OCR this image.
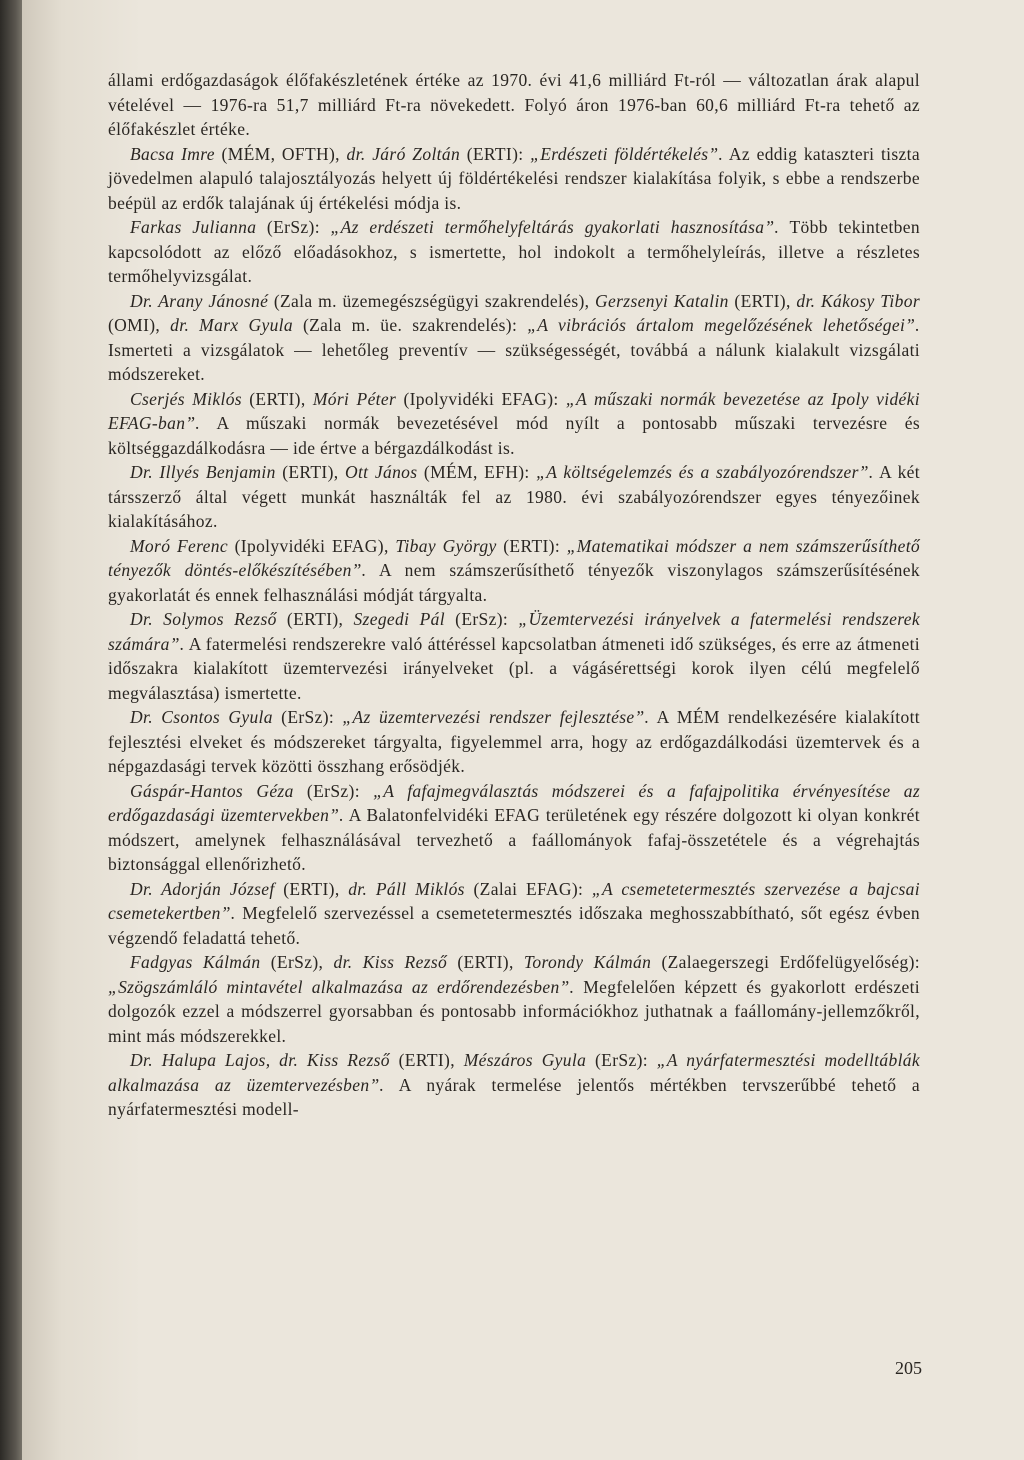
állami erdőgazdaságok élőfakészletének értéke az 1970. évi 41,6 milliárd Ft-ról — változatlan árak alapul vételével — 1976-ra 51,7 milliárd Ft-ra növekedett. Folyó áron 1976-ban 60,6 milliárd Ft-ra tehető az élőfakészlet értéke.

Bacsa Imre (MÉM, OFTH), dr. Járó Zoltán (ERTI): „Erdészeti földértékelés”. Az eddig kataszteri tiszta jövedelmen alapuló talajosztályozás helyett új földértékelési rendszer kialakítása folyik, s ebbe a rendszerbe beépül az erdők talajának új értékelési módja is.

Farkas Julianna (ErSz): „Az erdészeti termőhelyfeltárás gyakorlati hasznosítása”. Több tekintetben kapcsolódott az előző előadásokhoz, s ismertette, hol indokolt a termőhelyleírás, illetve a részletes termőhelyvizsgálat.

Dr. Arany Jánosné (Zala m. üzemegészségügyi szakrendelés), Gerzsenyi Katalin (ERTI), dr. Kákosy Tibor (OMI), dr. Marx Gyula (Zala m. üe. szakrendelés): „A vibrációs ártalom megelőzésének lehetőségei”. Ismerteti a vizsgálatok — lehetőleg preventív — szükségességét, továbbá a nálunk kialakult vizsgálati módszereket.

Cserjés Miklós (ERTI), Móri Péter (Ipolyvidéki EFAG): „A műszaki normák bevezetése az Ipoly vidéki EFAG-ban”. A műszaki normák bevezetésével mód nyílt a pontosabb műszaki tervezésre és költséggazdálkodásra — ide értve a bérgazdálkodást is.

Dr. Illyés Benjamin (ERTI), Ott János (MÉM, EFH): „A költségelemzés és a szabályozórendszer”. A két társszerző által végett munkát használták fel az 1980. évi szabályozórendszer egyes tényezőinek kialakításához.

Moró Ferenc (Ipolyvidéki EFAG), Tibay György (ERTI): „Matematikai módszer a nem számszerűsíthető tényezők döntés-előkészítésében”. A nem számszerűsíthető tényezők viszonylagos számszerűsítésének gyakorlatát és ennek felhasználási módját tárgyalta.

Dr. Solymos Rezső (ERTI), Szegedi Pál (ErSz): „Üzemtervezési irányelvek a fatermelési rendszerek számára”. A fatermelési rendszerekre való áttéréssel kapcsolatban átmeneti idő szükséges, és erre az átmeneti időszakra kialakított üzemtervezési irányelveket (pl. a vágásérettségi korok ilyen célú megfelelő megválasztása) ismertette.

Dr. Csontos Gyula (ErSz): „Az üzemtervezési rendszer fejlesztése”. A MÉM rendelkezésére kialakított fejlesztési elveket és módszereket tárgyalta, figyelemmel arra, hogy az erdőgazdálkodási üzemtervek és a népgazdasági tervek közötti összhang erősödjék.

Gáspár-Hantos Géza (ErSz): „A fafajmegválasztás módszerei és a fafajpolitika érvényesítése az erdőgazdasági üzemtervekben”. A Balatonfelvidéki EFAG területének egy részére dolgozott ki olyan konkrét módszert, amelynek felhasználásával tervezhető a faállományok fafaj-összetétele és a végrehajtás biztonsággal ellenőrizhető.

Dr. Adorján József (ERTI), dr. Páll Miklós (Zalai EFAG): „A csemetetermesztés szervezése a bajcsai csemetekertben”. Megfelelő szervezéssel a csemetetermesztés időszaka meghosszabbítható, sőt egész évben végzendő feladattá tehető.

Fadgyas Kálmán (ErSz), dr. Kiss Rezső (ERTI), Torondy Kálmán (Zalaegerszegi Erdőfelügyelőség): „Szögszámláló mintavétel alkalmazása az erdőrendezésben”. Megfelelően képzett és gyakorlott erdészeti dolgozók ezzel a módszerrel gyorsabban és pontosabb információkhoz juthatnak a faállomány-jellemzőkről, mint más módszerekkel.

Dr. Halupa Lajos, dr. Kiss Rezső (ERTI), Mészáros Gyula (ErSz): „A nyárfatermesztési modelltáblák alkalmazása az üzemtervezésben”. A nyárak termelése jelentős mértékben tervszerűbbé tehető a nyárfatermesztési modell-

205
